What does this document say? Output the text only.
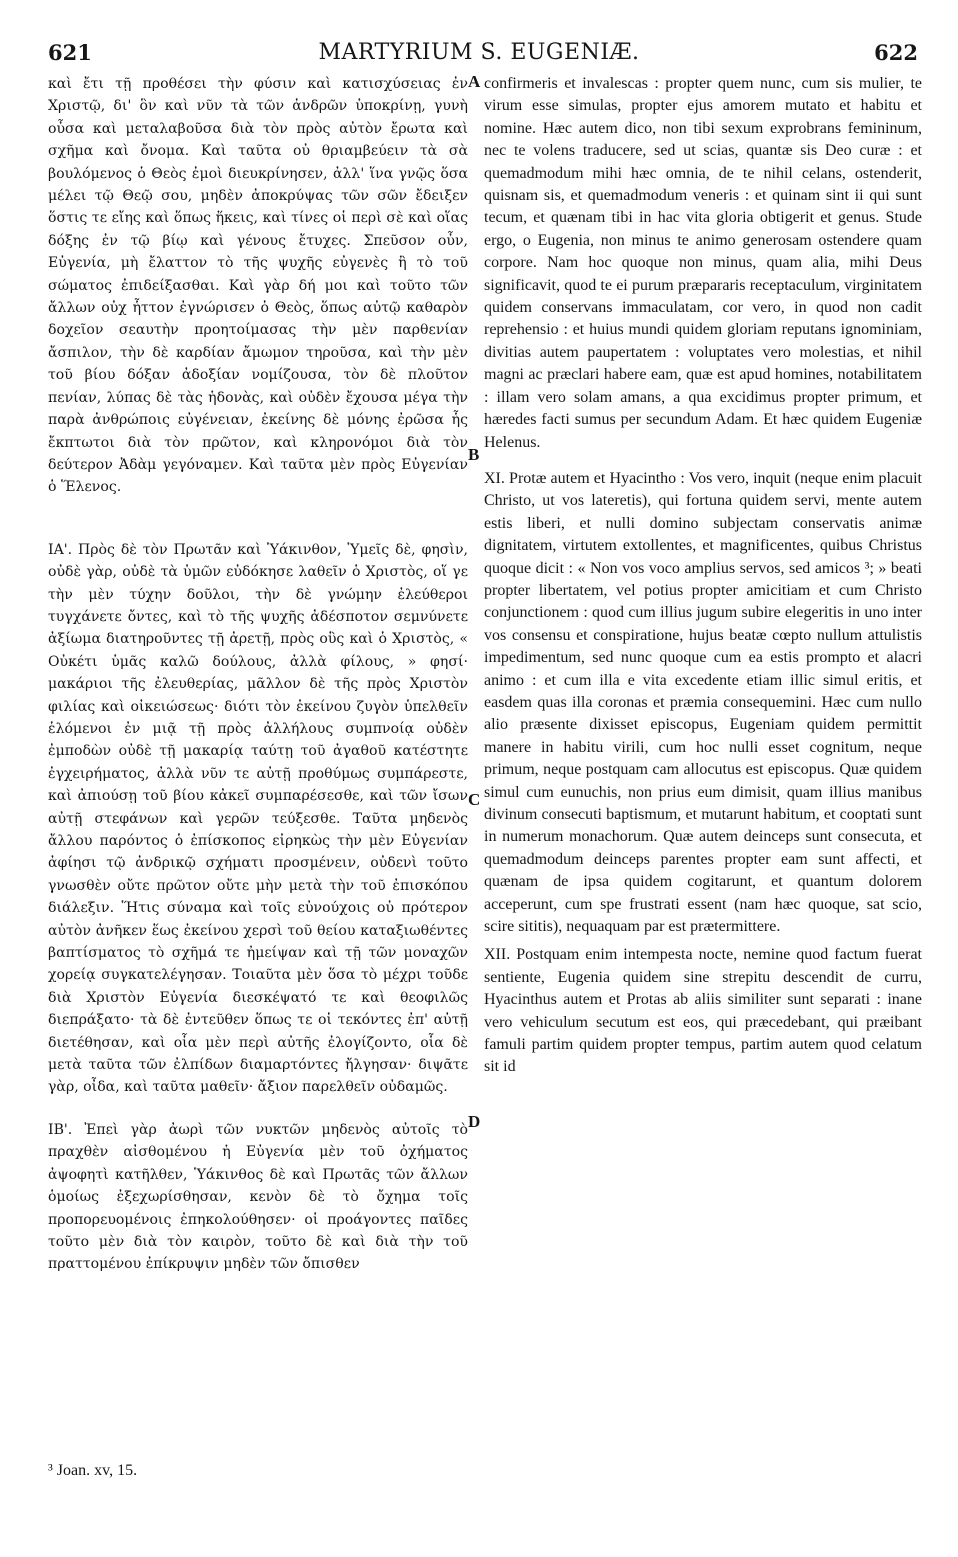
621	MARTYRIUM S. EUGENIÆ.	622

καὶ ἔτι τῇ προθέσει τὴν φύσιν καὶ κατισχύσειας ἐν Χριστῷ, δι' ὃν καὶ νῦν τὰ τῶν ἀνδρῶν ὑποκρίνῃ, γυνὴ οὖσα καὶ μεταλαβοῦσα διὰ τὸν πρὸς αὐτὸν ἔρωτα καὶ σχῆμα καὶ ὄνομα. Καὶ ταῦτα οὐ θριαμβεύειν τὰ σὰ βουλόμενος ὁ Θεὸς ἐμοὶ διευκρίνησεν, ἀλλ' ἵνα γνῷς ὅσα μέλει τῷ Θεῷ σου, μηδὲν ἀποκρύψας τῶν σῶν ἔδειξεν ὅστις τε εἴης καὶ ὅπως ἥκεις, καὶ τίνες οἱ περὶ σὲ καὶ οἵας δόξης ἐν τῷ βίῳ καὶ γένους ἔτυχες. Σπεῦσον οὖν, Εὐγενία, μὴ ἔλαττον τὸ τῆς ψυχῆς εὐγενὲς ἢ τὸ τοῦ σώματος ἐπιδείξασθαι. Καὶ γὰρ δή μοι καὶ τοῦτο τῶν ἄλλων οὐχ ἧττον ἐγνώρισεν ὁ Θεὸς, ὅπως αὐτῷ καθαρὸν δοχεῖον σεαυτὴν προητοίμασας τὴν μὲν παρθενίαν ἄσπιλον, τὴν δὲ καρδίαν ἄμωμον τηροῦσα, καὶ τὴν μὲν τοῦ βίου δόξαν ἀδοξίαν νομίζουσα, τὸν δὲ πλοῦτον πενίαν, λύπας δὲ τὰς ἡδονὰς, καὶ οὐδὲν ἔχουσα μέγα τὴν παρὰ ἀνθρώποις εὐγένειαν, ἐκείνης δὲ μόνης ἐρῶσα ἧς ἔκπτωτοι διὰ τὸν πρῶτον, καὶ κληρονόμοι διὰ τὸν δεύτερον Ἀδὰμ γεγόναμεν. Καὶ ταῦτα μὲν πρὸς Εὐγενίαν ὁ Ἕλενος.

ΙΑ'. Πρὸς δὲ τὸν Πρωτᾶν καὶ Ὑάκινθον, Ὑμεῖς δὲ, φησὶν, οὐδὲ γὰρ, οὐδὲ τὰ ὑμῶν εὐδόκησε λαθεῖν ὁ Χριστὸς, οἵ γε τὴν μὲν τύχην δοῦλοι, τὴν δὲ γνώμην ἐλεύθεροι τυγχάνετε ὄντες, καὶ τὸ τῆς ψυχῆς ἀδέσποτον σεμνύνετε ἀξίωμα διατηροῦντες τῇ ἀρετῇ, πρὸς οὓς καὶ ὁ Χριστὸς, « Οὐκέτι ὑμᾶς καλῶ δούλους, ἀλλὰ φίλους, » φησί· μακάριοι τῆς ἐλευθερίας, μᾶλλον δὲ τῆς πρὸς Χριστὸν φιλίας καὶ οἰκειώσεως· διότι τὸν ἐκείνου ζυγὸν ὑπελθεῖν ἑλόμενοι ἐν μιᾷ τῇ πρὸς ἀλλήλους συμπνοίᾳ οὐδὲν ἐμποδὼν οὐδὲ τῇ μακαρίᾳ ταύτῃ τοῦ ἀγαθοῦ κατέστητε ἐγχειρήματος, ἀλλὰ νῦν τε αὐτῇ προθύμως συμπάρεστε, καὶ ἀπιούσῃ τοῦ βίου κἀκεῖ συμπαρέσεσθε, καὶ τῶν ἴσων αὐτῇ στεφάνων καὶ γερῶν τεύξεσθε. Ταῦτα μηδενὸς ἄλλου παρόντος ὁ ἐπίσκοπος εἰρηκὼς τὴν μὲν Εὐγενίαν ἀφίησι τῷ ἀνδρικῷ σχήματι προσμένειν, οὐδενὶ τοῦτο γνωσθὲν οὔτε πρῶτον οὔτε μὴν μετὰ τὴν τοῦ ἐπισκόπου διάλεξιν. Ἥτις σύναμα καὶ τοῖς εὐνούχοις οὐ πρότερον αὐτὸν ἀνῆκεν ἕως ἐκείνου χερσὶ τοῦ θείου καταξιωθέντες βαπτίσματος τὸ σχῆμά τε ἠμείψαν καὶ τῇ τῶν μοναχῶν χορείᾳ συγκατελέγησαν. Τοιαῦτα μὲν ὅσα τὸ μέχρι τοῦδε διὰ Χριστὸν Εὐγενία διεσκέψατό τε καὶ θεοφιλῶς διεπράξατο· τὰ δὲ ἐντεῦθεν ὅπως τε οἱ τεκόντες ἐπ' αὐτῇ διετέθησαν, καὶ οἷα μὲν περὶ αὐτῆς ἐλογίζοντο, οἷα δὲ μετὰ ταῦτα τῶν ἐλπίδων διαμαρτόντες ἤλγησαν· διψᾶτε γὰρ, οἶδα, καὶ ταῦτα μαθεῖν· ἄξιον παρελθεῖν οὐδαμῶς.

ΙΒ'. Ἐπεὶ γὰρ ἀωρὶ τῶν νυκτῶν μηδενὸς αὐτοῖς τὸ πραχθὲν αἰσθομένου ἡ Εὐγενία μὲν τοῦ ὀχήματος ἀψοφητὶ κατῆλθεν, Ὑάκινθος δὲ καὶ Πρωτᾶς τῶν ἄλλων ὁμοίως ἐξεχωρίσθησαν, κενὸν δὲ τὸ ὄχημα τοῖς προπορευομένοις ἐπηκολούθησεν· οἱ προάγοντες παῖδες τοῦτο μὲν διὰ τὸν καιρὸν, τοῦτο δὲ καὶ διὰ τὴν τοῦ πραττομένου ἐπίκρυψιν μηδὲν τῶν ὄπισθεν

A
B
C
D

confirmeris et invalescas : propter quem nunc, cum sis mulier, te virum esse simulas, propter ejus amorem mutato et habitu et nomine. Hæc autem dico, non tibi sexum exprobrans femininum, nec te volens traducere, sed ut scias, quantæ sis Deo curæ : et quemadmodum mihi hæc omnia, de te nihil celans, ostenderit, quisnam sis, et quemadmodum veneris : et quinam sint ii qui sunt tecum, et quænam tibi in hac vita gloria obtigerit et genus. Stude ergo, o Eugenia, non minus te animo generosam ostendere quam corpore. Nam hoc quoque non minus, quam alia, mihi Deus significavit, quod te ei purum præpararis receptaculum, virginitatem quidem conservans immaculatam, cor vero, in quod non cadit reprehensio : et huius mundi quidem gloriam reputans ignominiam, divitias autem paupertatem : voluptates vero molestias, et nihil magni ac præclari habere eam, quæ est apud homines, notabilitatem : illam vero solam amans, a qua excidimus propter primum, et hæredes facti sumus per secundum Adam. Et hæc quidem Eugeniæ Helenus.

XI. Protæ autem et Hyacintho : Vos vero, inquit (neque enim placuit Christo, ut vos lateretis), qui fortuna quidem servi, mente autem estis liberi, et nulli domino subjectam conservatis animæ dignitatem, virtutem extollentes, et magnificentes, quibus Christus quoque dicit : « Non vos voco amplius servos, sed amicos ³; » beati propter libertatem, vel potius propter amicitiam et cum Christo conjunctionem : quod cum illius jugum subire elegeritis in uno inter vos consensu et conspiratione, hujus beatæ cœpto nullum attulistis impedimentum, sed nunc quoque cum ea estis prompto et alacri animo : et cum illa e vita excedente etiam illic simul eritis, et easdem quas illa coronas et præmia consequemini. Hæc cum nullo alio præsente dixisset episcopus, Eugeniam quidem permittit manere in habitu virili, cum hoc nulli esset cognitum, neque primum, neque postquam cam allocutus est episcopus. Quæ quidem simul cum eunuchis, non prius eum dimisit, quam illius manibus divinum consecuti baptismum, et mutarunt habitum, et cooptati sunt in numerum monachorum. Quæ autem deinceps sunt consecuta, et quemadmodum deinceps parentes propter eam sunt affecti, et quænam de ipsa quidem cogitarunt, et quantum dolorem acceperunt, cum spe frustrati essent (nam hæc quoque, sat scio, scire sititis), nequaquam par est prætermittere.

XII. Postquam enim intempesta nocte, nemine quod factum fuerat sentiente, Eugenia quidem sine strepitu descendit de curru, Hyacinthus autem et Protas ab aliis similiter sunt separati : inane vero vehiculum secutum est eos, qui præcedebant, qui præibant famuli partim quidem propter tempus, partim autem quod celatum sit id

³ Joan. xv, 15.
